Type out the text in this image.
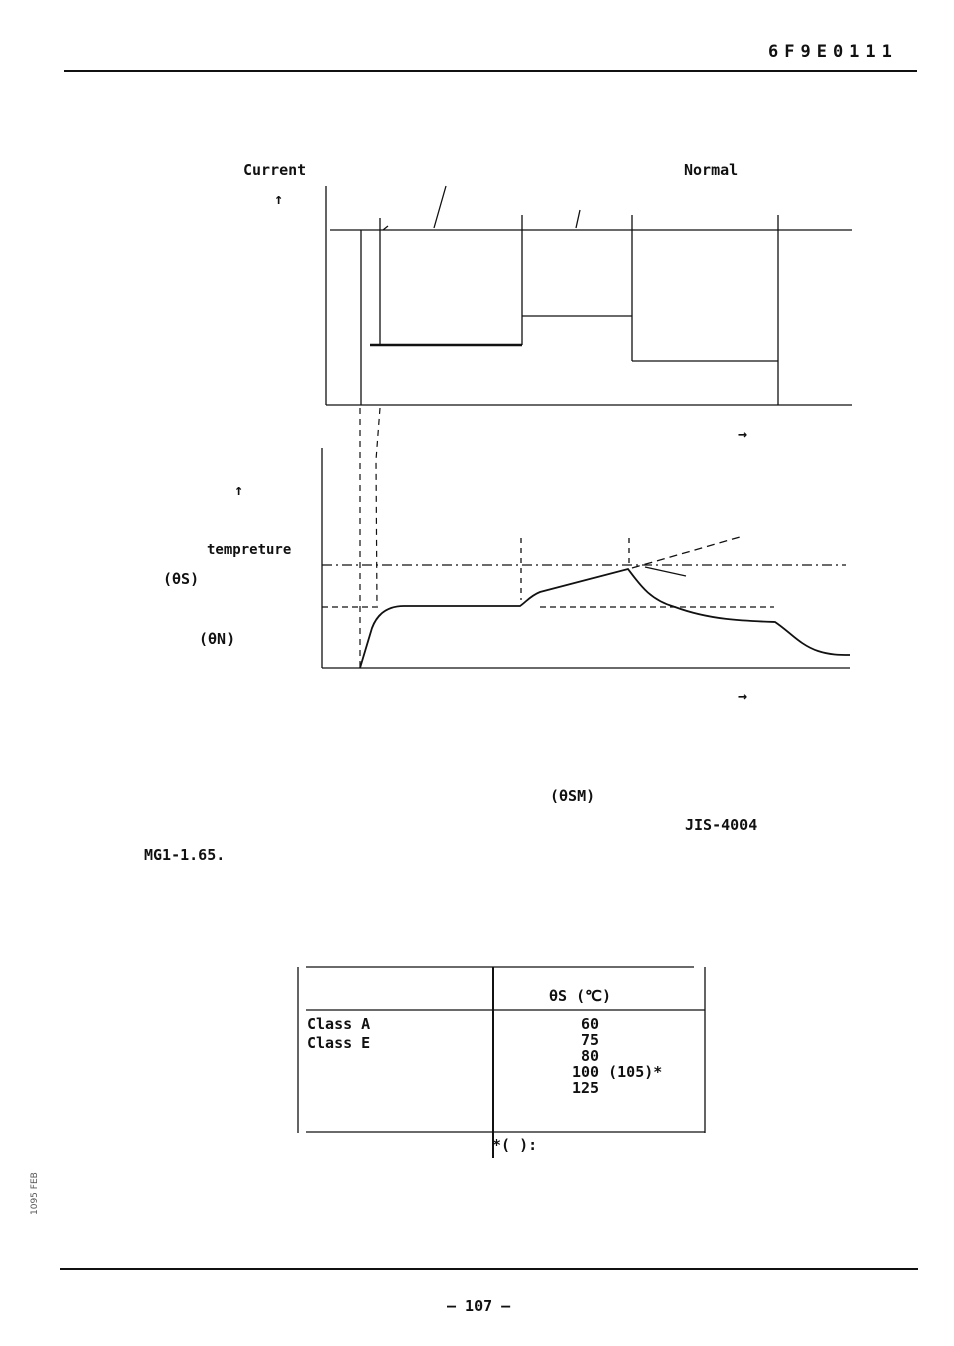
6F9E0111
Current
↑
Normal
→
↑
tempreture
(θS)
(θN)
→
(θSM)
JIS-4004
MG1-1.65.
θS (℃)
Class A
Class E
60
75
80
100 (105)*
125
*( ):
1095 FEB
— 107 —
